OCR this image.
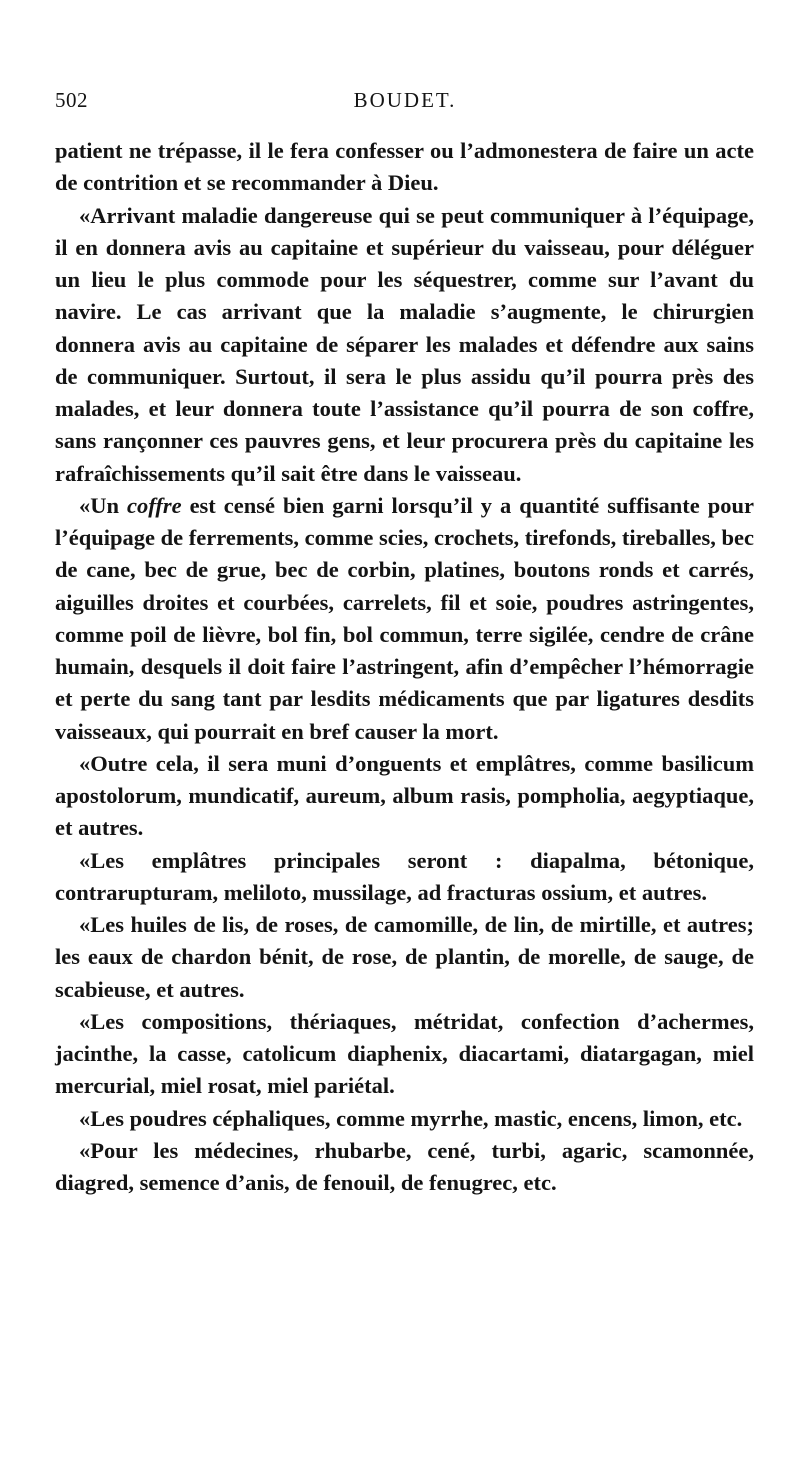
502	BOUDET.

patient ne trépasse, il le fera confesser ou l’admonestera de faire un acte de contrition et se recommander à Dieu.

«Arrivant maladie dangereuse qui se peut communiquer à l’équipage, il en donnera avis au capitaine et supérieur du vaisseau, pour déléguer un lieu le plus commode pour les séquestrer, comme sur l’avant du navire. Le cas arrivant que la maladie s’augmente, le chirurgien donnera avis au capitaine de séparer les malades et défendre aux sains de communiquer. Surtout, il sera le plus assidu qu’il pourra près des malades, et leur donnera toute l’assistance qu’il pourra de son coffre, sans rançonner ces pauvres gens, et leur procurera près du capitaine les rafraîchissements qu’il sait être dans le vaisseau.

«Un coffre est censé bien garni lorsqu’il y a quantité suffisante pour l’équipage de ferrements, comme scies, crochets, tirefonds, tireballes, bec de cane, bec de grue, bec de corbin, platines, boutons ronds et carrés, aiguilles droites et courbées, carrelets, fil et soie, poudres astringentes, comme poil de lièvre, bol fin, bol commun, terre sigilée, cendre de crâne humain, desquels il doit faire l’astringent, afin d’empêcher l’hémorragie et perte du sang tant par lesdits médicaments que par ligatures desdits vaisseaux, qui pourrait en bref causer la mort.

«Outre cela, il sera muni d’onguents et emplâtres, comme basilicum apostolorum, mundicatif, aureum, album rasis, pompholia, aegyptiaque, et autres.

«Les emplâtres principales seront : diapalma, bétonique, contrarupturam, meliloto, mussilage, ad fracturas ossium, et autres.

«Les huiles de lis, de roses, de camomille, de lin, de mirtille, et autres; les eaux de chardon bénit, de rose, de plantin, de morelle, de sauge, de scabieuse, et autres.

«Les compositions, thériaques, métridat, confection d’achermes, jacinthe, la casse, catolicum diaphenix, diacartami, diatargagan, miel mercurial, miel rosat, miel pariétal.

«Les poudres céphaliques, comme myrrhe, mastic, encens, limon, etc.

«Pour les médecines, rhubarbe, cené, turbi, agaric, scamonnée, diagred, semence d’anis, de fenouil, de fenugrec, etc.
